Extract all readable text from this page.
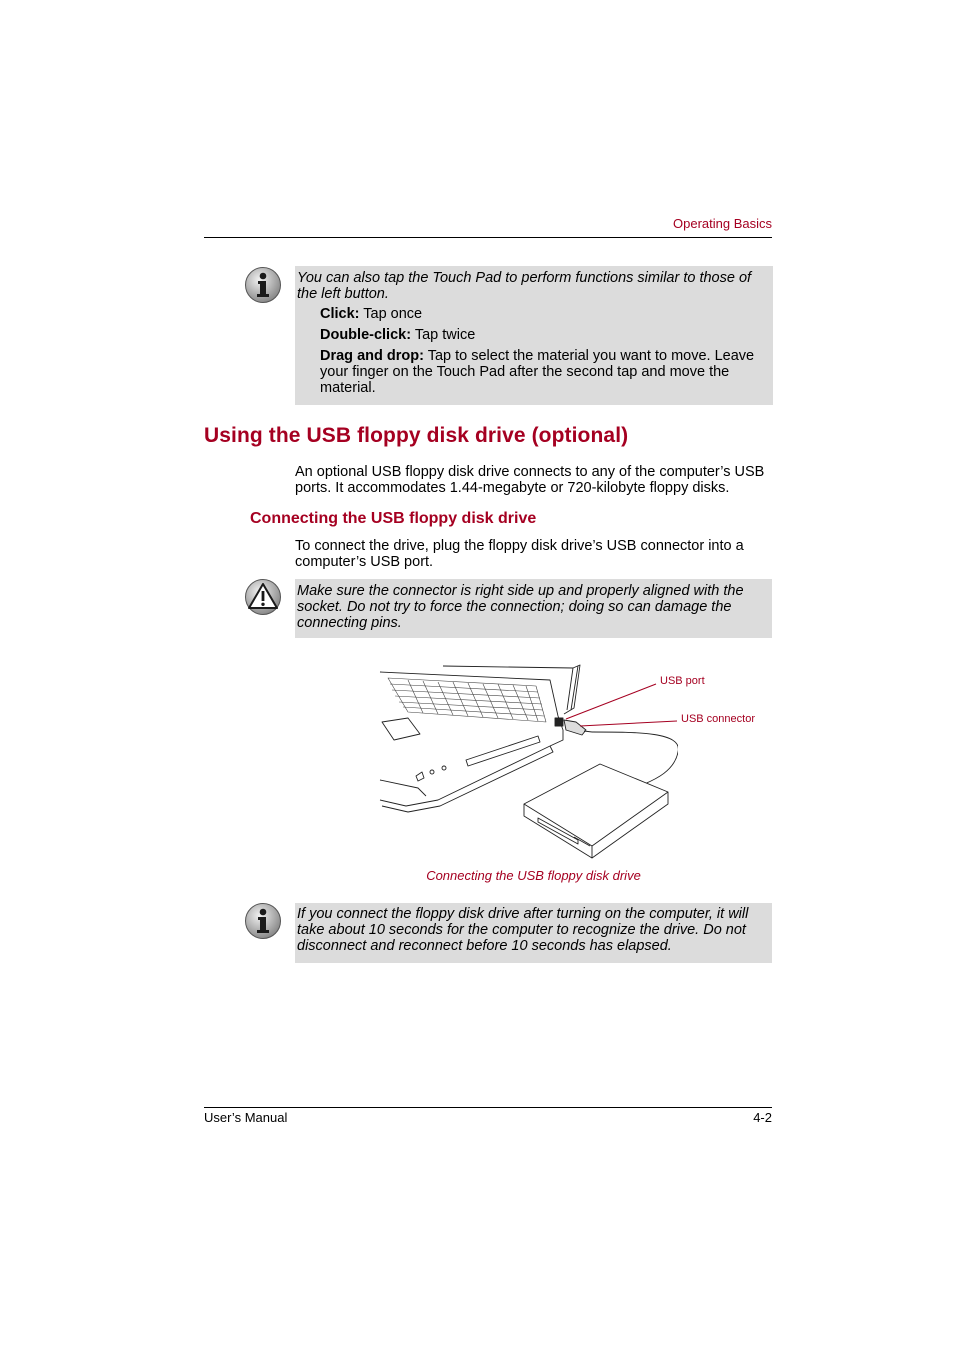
Operating Basics

You can also tap the Touch Pad to perform functions similar to those of the left button.

Click: Tap once

Double-click: Tap twice

Drag and drop: Tap to select the material you want to move. Leave your finger on the Touch Pad after the second tap and move the material.

Using the USB floppy disk drive (optional)
An optional USB floppy disk drive connects to any of the computer’s USB ports. It accommodates 1.44-megabyte or 720-kilobyte floppy disks.
Connecting the USB floppy disk drive
To connect the drive, plug the floppy disk drive’s USB connector into a computer’s USB port.

Make sure the connector is right side up and properly aligned with the socket. Do not try to force the connection; doing so can damage the connecting pins.

USB port
USB connector
Connecting the USB floppy disk drive

If you connect the floppy disk drive after turning on the computer, it will take about 10 seconds for the computer to recognize the drive. Do not disconnect and reconnect before 10 seconds has elapsed.

User’s Manual	4-2
